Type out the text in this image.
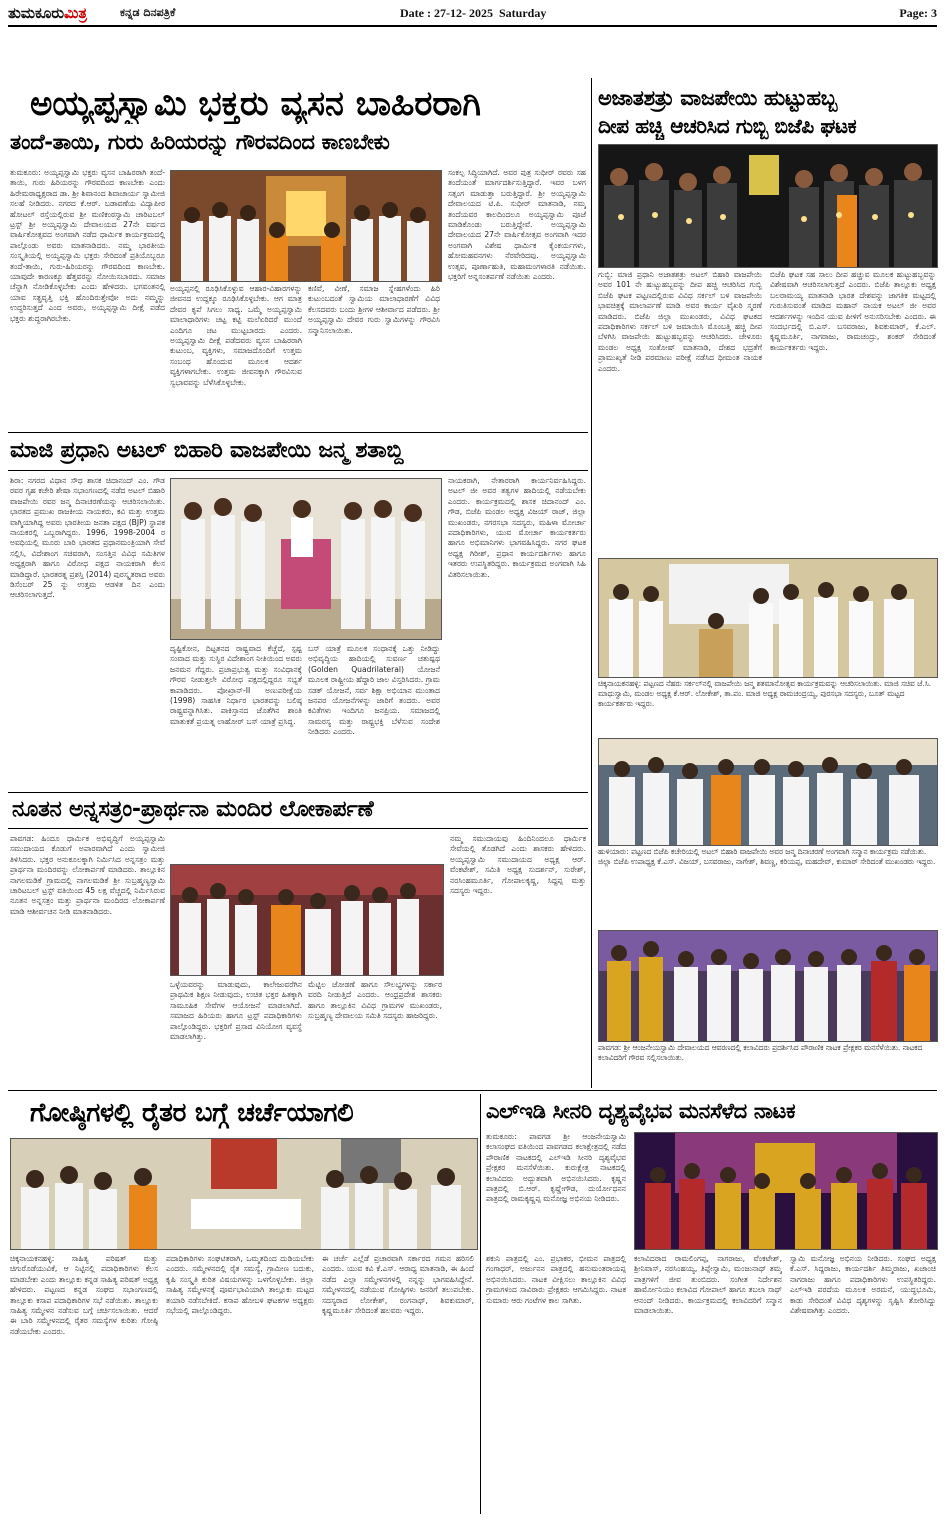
ತುಮಕೂರುಮಿತ್ರ	ಕನ್ನಡ ದಿನಪತ್ರಿಕೆ	Date : 27-12- 2025 Saturday	Page: 3
ಅಯ್ಯಪ್ಪಸ್ವಾಮಿ ಭಕ್ತರು ವ್ಯಸನ ಬಾಹಿರರಾಗಿ
ತಂದೆ-ತಾಯಿ, ಗುರು ಹಿರಿಯರನ್ನು ಗೌರವದಿಂದ ಕಾಣಬೇಕು
ತುಮಕೂರು: ಅಯ್ಯಪ್ಪಸ್ವಾಮಿ ಭಕ್ತರು ವ್ಯಸನ ಬಾಹಿರರಾಗಿ ತಂದೆ-ತಾಯಿ, ಗುರು ಹಿರಿಯರನ್ನು ಗೌರವದಿಂದ ಕಾಣಬೇಕು ಎಂದು ಹಿರೇಮಠಾಧ್ಯಕ್ಷರಾದ ಡಾ. ಶ್ರೀ ಶಿವಾನಂದ ಶಿವಾಚಾರ್ಯ ಸ್ವಾಮೀಜಿ ಸಲಹೆ ನೀಡಿದರು. ನಗರದ ಕೆ.ಆರ್. ಬಡಾವಣೆಯ ವಿದ್ಯಾಪೀಠ ಹೋಟಲ್ ರಸ್ತೆಯಲ್ಲಿರುವ ಶ್ರೀ ಮಣಿಕಂಠಸ್ವಾಮಿ ಚಾರಿಟಬಲ್ ಟ್ರಸ್ಟ್ ಶ್ರೀ ಅಯ್ಯಪ್ಪಸ್ವಾಮಿ ದೇವಾಲಯದ 27ನೇ ವರ್ಷದ ವಾರ್ಷಿಕೋತ್ಸವದ ಅಂಗವಾಗಿ ನಡೆದ ಧಾರ್ಮಿಕ ಕಾರ್ಯಕ್ರಮದಲ್ಲಿ ಪಾಲ್ಗೊಂಡು ಅವರು ಮಾತನಾಡಿದರು. ನಮ್ಮ ಭಾರತೀಯ ಸಂಸ್ಕೃತಿಯಲ್ಲಿ ಅಯ್ಯಪ್ಪಸ್ವಾಮಿ ಭಕ್ತರು ಸೇರಿದಂತೆ ಪ್ರತಿಯೊಬ್ಬರೂ ತಂದೆ-ತಾಯಿ, ಗುರು-ಹಿರಿಯರನ್ನು ಗೌರವದಿಂದ ಕಾಣಬೇಕು. ಯಾವುದೇ ಕಾರಣಕ್ಕೂ ಹೆತ್ತವರನ್ನು ನೋಯಿಸಬಾರದು. ಸಮಾಜ ಚೆನ್ನಾಗಿ ನೋಡಿಕೊಳ್ಳಬೇಕು ಎಂದು ಹೇಳಿದರು. ಭಗವಂತನಲ್ಲಿ ಯಾವ ಸತ್ಪ್ರವೃತ್ತಿ ಭಕ್ತಿ ಹೊಂದಿರುತ್ತೇವೋ ಅದು ನಮ್ಮನ್ನು ಉದ್ಧರಿಸುತ್ತದೆ ಎಂದ ಅವರು, ಅಯ್ಯಪ್ಪಸ್ವಾಮಿ ದೀಕ್ಷೆ ಪಡೆದ ಭಕ್ತರು ಶುದ್ಧರಾಗಿರಬೇಕು.
ಅಯ್ಯಪ್ಪನಲ್ಲಿ ರೂಢಿಸಿಕೊಳ್ಳುವ ಆಹಾರ-ವಿಹಾರಗಳನ್ನು ಜೀವನದ ಉದ್ದಕ್ಕೂ ರೂಢಿಸಿಕೊಳ್ಳಬೇಕು. ಆಗ ಮಾತ್ರ ದೇವರ ಕೃಪೆ ಸಿಗಲು ಸಾಧ್ಯ. ಒಮ್ಮೆ ಅಯ್ಯಪ್ಪಸ್ವಾಮಿ ಮಾಲಾಧಾರಿಗಳು ಚಟ್ಟ ಕಟ್ಟಿ ಮಲೆಏರಿದರೆ ಮುಂದೆ ಎಂದಿಗೂ ಚಟ ಮುಟ್ಟಬಾರದು ಎಂದರು. ಅಯ್ಯಪ್ಪಸ್ವಾಮಿ ದೀಕ್ಷೆ ಪಡೆದವರು ವ್ಯಸನ ಬಾಹಿರರಾಗಿ ಕುಟುಂಬ, ವ್ಯಕ್ತಿಗಳು, ಸಮಾಜದೊಂದಿಗೆ ಉತ್ತಮ ಸಂಬಂಧ ಹೊಂದುವ ಮೂಲಕ ಆದರ್ಶ ವ್ಯಕ್ತಿಗಳಾಗಬೇಕು. ಉತ್ತಮ ಜೀವನಕ್ಕಾಗಿ ಗೌರವಿಸುವ ಸ್ವಭಾವವನ್ನು ಬೆಳೆಸಿಕೊಳ್ಳಬೇಕು.
ಕಣಿವೆ, ವೀಣೆ, ಸಮಾಜ ಸ್ನೇಹಗಳೆಂದು ಹಿರಿ ಕುಟುಂಬದಂತೆ ಸ್ವಾಮಿಯ ಮಾಲಾಧಾರಣೆಗೆ ವಿವಿಧ ಕೆಲಸದವರು ಬಂದು ಶ್ರೀಗಳ ಆಶೀರ್ವಾದ ಪಡೆದರು. ಶ್ರೀ ಅಯ್ಯಪ್ಪಸ್ವಾಮಿ ದೇವರ ಗುರು ಸ್ವಾಮಿಗಳನ್ನು ಗೌರವಿಸಿ ಸನ್ಮಾನಿಸಲಾಯಿತು.
ಸಂಕಲ್ಪ ಸಿದ್ಧಿಯಾಗಿದೆ. ಅವರ ಪುತ್ರ ಸುಧೀರ್ ರವರು ಸಹ ತಂದೆಯಂತೆ ಮಾರ್ಗದರ್ಶಿಸುತ್ತಿದ್ದಾರೆ. ಇವರ ಬಳಗ ಸತ್ಸಂಗ ಮಾಡುತ್ತಾ ಬರುತ್ತಿದ್ದಾರೆ. ಶ್ರೀ ಅಯ್ಯಪ್ಪಸ್ವಾಮಿ ದೇವಾಲಯದ ಟಿ.ಪಿ. ಸುಧೀರ್ ಮಾತನಾಡಿ, ನಮ್ಮ ತಂದೆಯವರ ಕಾಲದಿಂದಲೂ ಅಯ್ಯಪ್ಪಸ್ವಾಮಿ ಪೂಜೆ ಮಾಡಿಕೊಂಡು ಬರುತ್ತಿದ್ದೇವೆ. ಅಯ್ಯಪ್ಪಸ್ವಾಮಿ ದೇವಾಲಯದ 27ನೇ ವಾರ್ಷಿಕೋತ್ಸವ ಅಂಗವಾಗಿ ಇದರ ಅಂಗವಾಗಿ ವಿಶೇಷ ಧಾರ್ಮಿಕ ಕೈಂಕರ್ಯಗಳು, ಹೋಮಹವನಗಳು ನೆರವೇರಿದವು. ಅಯ್ಯಪ್ಪಸ್ವಾಮಿ ಉತ್ಸವ, ಪೂರ್ಣಾಹುತಿ, ಮಹಾಮಂಗಳಾರತಿ ನಡೆಯಿತು. ಭಕ್ತರಿಗೆ ಅನ್ನಸಂತರ್ಪಣೆ ನಡೆಯಿತು ಎಂದರು.
ಅಜಾತಶತ್ರು ವಾಜಪೇಯಿ ಹುಟ್ಟುಹಬ್ಬ
ದೀಪ ಹಚ್ಚಿ ಆಚರಿಸಿದ ಗುಬ್ಬಿ ಬಿಜೆಪಿ ಘಟಕ
ಗುಬ್ಬಿ: ಮಾಜಿ ಪ್ರಧಾನಿ ಅಜಾತಶತ್ರು ಅಟಲ್ ಬಿಹಾರಿ ವಾಜಪೇಯಿ ಅವರ 101 ನೇ ಹುಟ್ಟುಹಬ್ಬವನ್ನು ದೀಪ ಹಚ್ಚಿ ಆಚರಿಸಿದ ಗುಬ್ಬಿ ಬಿಜೆಪಿ ಘಟಕ ಪಟ್ಟಣದಲ್ಲಿರುವ ವಿವಿಧ ಸರ್ಕಲ್ ಬಳಿ ವಾಜಪೇಯಿ ಭಾವಚಿತ್ರಕ್ಕೆ ಮಾಲಾರ್ಪಣೆ ಮಾಡಿ ಅವರ ಕಾರ್ಯ ವೈಖರಿ ಸ್ಮರಣೆ ಮಾಡಿದರು. ಬಿಜೆಪಿ ಜಿಲ್ಲಾ ಮುಖಂಡರು, ವಿವಿಧ ಘಟಕದ ಪದಾಧಿಕಾರಿಗಳು ಸರ್ಕಲ್ ಬಳಿ ಜಮಾಯಿಸಿ ಮೊಂಬತ್ತಿ ಹಚ್ಚಿ ದೀಪ ಬೆಳಗಿಸಿ ವಾಜಪೇಯಿ ಹುಟ್ಟುಹಬ್ಬವನ್ನು ಆಚರಿಸಿದರು. ಚೇಳೂರು ಮಂಡಲ ಅಧ್ಯಕ್ಷ ಸಂತೋಷ್ ಮಾತನಾಡಿ, ದೇಶದ ಭದ್ರತೆಗೆ ಪ್ರಾಮುಖ್ಯತೆ ನೀಡಿ ಪರಮಾಣು ಪರೀಕ್ಷೆ ನಡೆಸಿದ ಧೀಮಂತ ನಾಯಕ ಎಂದರು.
ಬಿಜೆಪಿ ಘಟಕ ಸಹ ಸಾಲು ದೀಪ ಹಚ್ಚುವ ಮೂಲಕ ಹುಟ್ಟುಹಬ್ಬವನ್ನು ವಿಶೇಷವಾಗಿ ಆಚರಿಸಲಾಗುತ್ತದೆ ಎಂದರು. ಬಿಜೆಪಿ ತಾಲ್ಲೂಕು ಅಧ್ಯಕ್ಷ ಬಲರಾಮಯ್ಯ ಮಾತನಾಡಿ ಭಾರತ ದೇಶವನ್ನು ಜಾಗತಿಕ ಮಟ್ಟದಲ್ಲಿ ಗುರುತಿಸುವಂತೆ ಮಾಡಿದ ಮಹಾನ್ ನಾಯಕ ಅಟಲ್ ಜೀ ಅವರ ಆದರ್ಶಗಳನ್ನು ಇಂದಿನ ಯುವ ಪೀಳಿಗೆ ಅನುಸರಿಸಬೇಕು ಎಂದರು. ಈ ಸಂದರ್ಭದಲ್ಲಿ ಬಿ.ಎಸ್. ಬಸವರಾಜು, ಶಿವಕುಮಾರ್, ಕೆ.ಎಲ್. ಕೃಷ್ಣಮೂರ್ತಿ, ನಾಗರಾಜು, ರಾಮಚಂದ್ರು, ಶಂಕರ್ ಸೇರಿದಂತೆ ಕಾರ್ಯಕರ್ತರು ಇದ್ದರು.
ಮಾಜಿ ಪ್ರಧಾನಿ ಅಟಲ್ ಬಿಹಾರಿ ವಾಜಪೇಯಿ ಜನ್ಮ ಶತಾಬ್ದಿ
ಶಿರಾ: ನಗರದ ವಿಧಾನ ಸೌಧ ಶಾಸಕ ಚಿದಾನಂದ್ ಎಂ. ಗೌಡ ರವರ ಗೃಹ ಕಚೇರಿ ಶೇಷಾ ಸಭಾಂಗಣದಲ್ಲಿ ನಡೆದ ಅಟಲ್ ಬಿಹಾರಿ ವಾಜಪೇಯಿ ರವರ ಜನ್ಮ ದಿನಾಚರಣೆಯನ್ನು ಆಚರಿಸಲಾಯಿತು. ಭಾರತದ ಪ್ರಮುಖ ರಾಜಕೀಯ ನಾಯಕರು, ಕವಿ ಮತ್ತು ಉತ್ತಮ ವಾಗ್ಮಿಯಾಗಿದ್ದ ಅವರು ಭಾರತೀಯ ಜನತಾ ಪಕ್ಷದ (BJP) ಸ್ಥಾಪಕ ನಾಯಕರಲ್ಲಿ ಒಬ್ಬರಾಗಿದ್ದರು. 1996, 1998-2004 ರ ಅವಧಿಯಲ್ಲಿ ಮೂರು ಬಾರಿ ಭಾರತದ ಪ್ರಧಾನಮಂತ್ರಿಯಾಗಿ ಸೇವೆ ಸಲ್ಲಿಸಿ, ವಿದೇಶಾಂಗ ಸಚಿವರಾಗಿ, ಸಂಸತ್ತಿನ ವಿವಿಧ ಸಮಿತಿಗಳ ಅಧ್ಯಕ್ಷರಾಗಿ ಹಾಗೂ ವಿರೋಧ ಪಕ್ಷದ ನಾಯಕರಾಗಿ ಕೆಲಸ ಮಾಡಿದ್ದಾರೆ. ಭಾರತರತ್ನ ಪ್ರಶಸ್ತಿ (2014) ಪುರಸ್ಕೃತರಾದ ಅವರು ಡಿಸೆಂಬರ್ 25 ನ್ನು ಉತ್ತಮ ಆಡಳಿತ ದಿನ ಎಂದು ಆಚರಿಸಲಾಗುತ್ತದೆ.
ದೃಷ್ಟಿಕೋನ, ದಿಟ್ಟತನದ ರಾಷ್ಟ್ರವಾದ ಕೆಚ್ಚೆದೆ, ಸ್ಪಷ್ಟ ಸಂವಾದ ಮತ್ತು ಸುಸ್ಥಿರ ವಿದೇಶಾಂಗ ನೀತಿಯಿಂದ ಅವರು ಜನಮನ ಗೆದ್ದರು. ಪ್ರಜಾಪ್ರಭುತ್ವ ಮತ್ತು ಸಂವಿಧಾನಕ್ಕೆ ಗೌರವ ನೀಡುತ್ತಲೇ ವಿರೋಧ ಪಕ್ಷದಲ್ಲಿದ್ದರೂ ಸಭ್ಯತೆ ಕಾಪಾಡಿದರು. ಪೋಖ್ರಾನ್-II ಅಣುಪರೀಕ್ಷೆಯ (1998) ಸಾಹಸಿಕ ನಿರ್ಧಾರ ಭಾರತವನ್ನು ಬಲಿಷ್ಠ ರಾಷ್ಟ್ರವನ್ನಾಗಿಸಿತು. ಪಾಕಿಸ್ತಾನದ ಜೊತೆಗಿನ ಶಾಂತಿ ಮಾತುಕತೆ ಪ್ರಯತ್ನ ಲಾಹೋರ್ ಬಸ್ ಯಾತ್ರೆ ಪ್ರಸಿದ್ಧ.
ಬಸ್ ಯಾತ್ರೆ ಮೂಲಕ ಸಂಧಾನಕ್ಕೆ ಒತ್ತು ನೀಡಿದ್ದು ಅಭಿವೃದ್ಧಿಯ ಹಾದಿಯಲ್ಲಿ ಸುವರ್ಣ ಚತುಷ್ಪಥ (Golden Quadrilateral) ಯೋಜನೆ ಮೂಲಕ ರಾಷ್ಟ್ರೀಯ ಹೆದ್ದಾರಿ ಜಾಲ ವಿಸ್ತರಿಸಿದರು. ಗ್ರಾಮ ಸಡಕ್ ಯೋಜನೆ, ಸರ್ವ ಶಿಕ್ಷಾ ಅಭಿಯಾನ ಮುಂತಾದ ಜನಪರ ಯೋಜನೆಗಳನ್ನು ಜಾರಿಗೆ ತಂದರು. ಅವರ ಕವಿತೆಗಳು ಇಂದಿಗೂ ಜನಪ್ರಿಯ. ಸಮಾಜದಲ್ಲಿ ಸಾಮರಸ್ಯ ಮತ್ತು ರಾಷ್ಟ್ರಭಕ್ತಿ ಬೆಳೆಸುವ ಸಂದೇಶ ನೀಡಿದರು ಎಂದರು.
ನಾಯಕರಾಗಿ, ನೇತಾರರಾಗಿ ಕಾರ್ಯನಿರ್ವಹಿಸಿದ್ದರು. ಅಟಲ್ ಜೀ ಅವರ ತತ್ವಗಳ ಹಾದಿಯಲ್ಲಿ ನಡೆಯಬೇಕು ಎಂದರು. ಕಾರ್ಯಕ್ರಮದಲ್ಲಿ ಶಾಸಕ ಚಿದಾನಂದ್ ಎಂ. ಗೌಡ, ಬಿಜೆಪಿ ಮಂಡಲ ಅಧ್ಯಕ್ಷ ವಿಜಯ್ ರಾಜ್, ಜಿಲ್ಲಾ ಮುಖಂಡರು, ನಗರಸಭಾ ಸದಸ್ಯರು, ಮಹಿಳಾ ಮೋರ್ಚಾ ಪದಾಧಿಕಾರಿಗಳು, ಯುವ ಮೋರ್ಚಾ ಕಾರ್ಯಕರ್ತರು ಹಾಗೂ ಅಭಿಮಾನಿಗಳು ಭಾಗವಹಿಸಿದ್ದರು. ನಗರ ಘಟಕ ಅಧ್ಯಕ್ಷ ಗಿರೀಶ್, ಪ್ರಧಾನ ಕಾರ್ಯದರ್ಶಿಗಳು ಹಾಗೂ ಇತರರು ಉಪಸ್ಥಿತರಿದ್ದರು. ಕಾರ್ಯಕ್ರಮದ ಅಂಗವಾಗಿ ಸಿಹಿ ವಿತರಿಸಲಾಯಿತು.
ಚಿಕ್ಕನಾಯಕನಹಳ್ಳಿ: ಪಟ್ಟಣದ ನೆಹರು ಸರ್ಕಲ್‌ನಲ್ಲಿ ವಾಜಪೇಯಿ ಜನ್ಮ ಶತಮಾನೋತ್ಸವ ಕಾರ್ಯಕ್ರಮವನ್ನು ಆಚರಿಸಲಾಯಿತು. ಮಾಜಿ ಸಚಿವ ಜೆ.ಸಿ. ಮಾಧುಸ್ವಾಮಿ, ಮಂಡಲ ಅಧ್ಯಕ್ಷ ಕೆ.ಆರ್. ಲೋಕೇಶ್, ತಾ.ಪಂ. ಮಾಜಿ ಅಧ್ಯಕ್ಷ ರಾಮಚಂದ್ರಯ್ಯ, ಪುರಸಭಾ ಸದಸ್ಯರು, ಬೂತ್ ಮಟ್ಟದ ಕಾರ್ಯಕರ್ತರು ಇದ್ದರು.
ಹುಳಿಯಾರು: ಪಟ್ಟಣದ ಬಿಜೆಪಿ ಕಚೇರಿಯಲ್ಲಿ ಅಟಲ್ ಬಿಹಾರಿ ವಾಜಪೇಯಿ ಅವರ ಜನ್ಮ ದಿನಾಚರಣೆ ಅಂಗವಾಗಿ ಸನ್ಮಾನ ಕಾರ್ಯಕ್ರಮ ನಡೆಯಿತು. ಜಿಲ್ಲಾ ಬಿಜೆಪಿ ಉಪಾಧ್ಯಕ್ಷ ಕೆ.ಎಸ್. ವಿಜಯ್, ಬಸವರಾಜು, ನಾಗೇಶ್, ಶಿವಣ್ಣ, ಕರಿಯಪ್ಪ, ಮಹದೇವ್, ಕುಮಾರ್ ಸೇರಿದಂತೆ ಮುಖಂಡರು ಇದ್ದರು.
ಪಾವಗಡ: ಶ್ರೀ ಆಂಜನೇಯಸ್ವಾಮಿ ದೇವಾಲಯದ ಆವರಣದಲ್ಲಿ ಕಲಾವಿದರು ಪ್ರದರ್ಶಿಸಿದ ಪೌರಾಣಿಕ ನಾಟಕ ಪ್ರೇಕ್ಷಕರ ಮನಸೆಳೆಯಿತು. ನಾಟಕದ ಕಲಾವಿದರಿಗೆ ಗೌರವ ಸಲ್ಲಿಸಲಾಯಿತು.
ನೂತನ ಅನ್ನಸತ್ರಂ-ಪ್ರಾರ್ಥನಾ ಮಂದಿರ ಲೋಕಾರ್ಪಣೆ
ಪಾವಗಡ: ಹಿಂದೂ ಧಾರ್ಮಿಕ ಅಭಿವೃದ್ಧಿಗೆ ಅಯ್ಯಪ್ಪಸ್ವಾಮಿ ಸಮುದಾಯದ ಕೊಡುಗೆ ಅಪಾರವಾಗಿದೆ ಎಂದು ಸ್ವಾಮೀಜಿ ತಿಳಿಸಿದರು. ಭಕ್ತರ ಅನುಕೂಲಕ್ಕಾಗಿ ನಿರ್ಮಿಸಿದ ಅನ್ನಸತ್ರಂ ಮತ್ತು ಪ್ರಾರ್ಥನಾ ಮಂದಿರವನ್ನು ಲೋಕಾರ್ಪಣೆ ಮಾಡಿದರು. ತಾಲ್ಲೂಕಿನ ನಾಗಲಮಡಿಕೆ ಗ್ರಾಮದಲ್ಲಿ ನಾಗಲಮಡಿಕೆ ಶ್ರೀ ಸುಬ್ರಹ್ಮಣ್ಯಸ್ವಾಮಿ ಚಾರಿಟಬಲ್ ಟ್ರಸ್ಟ್ ವತಿಯಿಂದ 45 ಲಕ್ಷ ವೆಚ್ಚದಲ್ಲಿ ನಿರ್ಮಿಸಿರುವ ನೂತನ ಅನ್ನಸತ್ರಂ ಮತ್ತು ಪ್ರಾರ್ಥನಾ ಮಂದಿರದ ಲೋಕಾರ್ಪಣೆ ಮಾಡಿ ಆಶೀರ್ವಚನ ನೀಡಿ ಮಾತನಾಡಿದರು.
ಒಳ್ಳೆಯವರನ್ನು ಮಾಡುವುದು, ಕಾಲೇಜುವರೆಗಿನ ಪ್ರಾಥಮಿಕ ಶಿಕ್ಷಣ ನೀಡುವುದು, ಉಚಿತ ಭಕ್ತರ ಹಿತಕ್ಕಾಗಿ ಸಾಮೂಹಿಕ ಸೇವೆಗಳ ಆಯೋಜನೆ ಮಾಡಲಾಗಿದೆ. ಸಮಾಜದ ಹಿರಿಯರು ಹಾಗೂ ಟ್ರಸ್ಟ್ ಪದಾಧಿಕಾರಿಗಳು ಪಾಲ್ಗೊಂಡಿದ್ದರು. ಭಕ್ತರಿಗೆ ಪ್ರಸಾದ ವಿನಿಯೋಗ ವ್ಯವಸ್ಥೆ ಮಾಡಲಾಗಿತ್ತು.
ಮೆಟ್ಟಿಲ ಜೋಡಣೆ ಹಾಗೂ ಸೌಲಭ್ಯಗಳನ್ನು ಸರ್ಕಾರ ವರದಿ ನೀಡುತ್ತಿದೆ ಎಂದರು. ಆಂಧ್ರಪ್ರದೇಶ ಶಾಸಕರು ಹಾಗೂ ತಾಲ್ಲೂಕಿನ ವಿವಿಧ ಗ್ರಾಮಗಳ ಮುಖಂಡರು, ಸುಬ್ರಹ್ಮಣ್ಯ ದೇವಾಲಯ ಸಮಿತಿ ಸದಸ್ಯರು ಹಾಜರಿದ್ದರು.
ನಮ್ಮ ಸಮುದಾಯವು ಹಿಂದಿನಿಂದಲೂ ಧಾರ್ಮಿಕ ಸೇವೆಯಲ್ಲಿ ತೊಡಗಿದೆ ಎಂದು ಶಾಸಕರು ಹೇಳಿದರು. ಅಯ್ಯಪ್ಪಸ್ವಾಮಿ ಸಮುದಾಯದ ಅಧ್ಯಕ್ಷ ಆರ್. ವೆಂಕಟೇಶ್, ಸಮಿತಿ ಅಧ್ಯಕ್ಷ ಸುದರ್ಶನ್, ಸುರೇಶ್, ನರಸಿಂಹಮೂರ್ತಿ, ಗೋಪಾಲಕೃಷ್ಣ, ಸಿದ್ದಪ್ಪ ಮತ್ತು ಸದಸ್ಯರು ಇದ್ದರು.
ಗೋಷ್ಠಿಗಳಲ್ಲಿ ರೈತರ ಬಗ್ಗೆ ಚರ್ಚೆಯಾಗಲಿ
ಚಿಕ್ಕನಾಯಕನಹಳ್ಳಿ: ಸಾಹಿತ್ಯ ಪರಿಷತ್ ಮತ್ತು ಚಿಗುರೊಡೆಯುವಿಕೆ, ಆ ನಿಟ್ಟಿನಲ್ಲಿ ಪದಾಧಿಕಾರಿಗಳು ಕೆಲಸ ಮಾಡಬೇಕು ಎಂದು ತಾಲ್ಲೂಕು ಕನ್ನಡ ಸಾಹಿತ್ಯ ಪರಿಷತ್ ಅಧ್ಯಕ್ಷ ಹೇಳಿದರು. ಪಟ್ಟಣದ ಕನ್ನಡ ಸಂಘದ ಸಭಾಂಗಣದಲ್ಲಿ ತಾಲ್ಲೂಕು ಕಸಾಪ ಪದಾಧಿಕಾರಿಗಳ ಸಭೆ ನಡೆಯಿತು. ತಾಲ್ಲೂಕು ಸಾಹಿತ್ಯ ಸಮ್ಮೇಳನ ನಡೆಸುವ ಬಗ್ಗೆ ಚರ್ಚಿಸಲಾಯಿತು. ಆದರೆ ಈ ಬಾರಿ ಸಮ್ಮೇಳನದಲ್ಲಿ ರೈತರ ಸಮಸ್ಯೆಗಳ ಕುರಿತು ಗೋಷ್ಠಿ ನಡೆಯಬೇಕು ಎಂದರು.
ಪದಾಧಿಕಾರಿಗಳು ಸಂಘಟಿತರಾಗಿ, ಒಮ್ಮತದಿಂದ ದುಡಿಯಬೇಕು ಎಂದರು. ಸಮ್ಮೇಳನದಲ್ಲಿ ರೈತ ಸಮಸ್ಯೆ, ಗ್ರಾಮೀಣ ಬದುಕು, ಕೃಷಿ ಸಂಸ್ಕೃತಿ ಕುರಿತ ವಿಷಯಗಳನ್ನು ಒಳಗೊಳ್ಳಬೇಕು. ಜಿಲ್ಲಾ ಸಾಹಿತ್ಯ ಸಮ್ಮೇಳನಕ್ಕೆ ಪೂರ್ವಭಾವಿಯಾಗಿ ತಾಲ್ಲೂಕು ಮಟ್ಟದ ತಯಾರಿ ನಡೆಸಬೇಕಿದೆ. ಕಸಾಪ ಹೋಬಳಿ ಘಟಕಗಳ ಅಧ್ಯಕ್ಷರು ಸಭೆಯಲ್ಲಿ ಪಾಲ್ಗೊಂಡಿದ್ದರು.
ಈ ಚರ್ಚೆ ಎಲ್ಲೆಡೆ ಪ್ರಚಾರವಾಗಿ ಸರ್ಕಾರದ ಗಮನ ಹರಿಸಲಿ ಎಂದರು. ಯುವ ಕವಿ ಕೆ.ಎಸ್. ಆರಾಧ್ಯ ಮಾತನಾಡಿ, ಈ ಹಿಂದೆ ನಡೆದ ಎಲ್ಲಾ ಸಮ್ಮೇಳನಗಳಲ್ಲಿ ನನ್ನನ್ನು ಭಾಗವಹಿಸಿದ್ದೇನೆ. ಸಮ್ಮೇಳನದಲ್ಲಿ ನಡೆಯುವ ಗೋಷ್ಠಿಗಳು ಜನರಿಗೆ ತಲುಪಬೇಕು. ಸದಸ್ಯರಾದ ಲೋಕೇಶ್, ರಂಗನಾಥ್, ಶಿವಕುಮಾರ್, ಕೃಷ್ಣಮೂರ್ತಿ ಸೇರಿದಂತೆ ಹಲವರು ಇದ್ದರು.
ಎಲ್‌ಇಡಿ ಸೀನರಿ ದೃಶ್ಯವೈಭವ ಮನಸೆಳೆದ ನಾಟಕ
ತುಮಕೂರು: ಪಾವಗಡ ಶ್ರೀ ಆಂಜನೇಯಸ್ವಾಮಿ ಕಲಾಸಂಘದ ವತಿಯಿಂದ ಪಾವಗಡದ ಕಲಾಕ್ಷೇತ್ರದಲ್ಲಿ ನಡೆದ ಪೌರಾಣಿಕ ನಾಟಕದಲ್ಲಿ ಎಲ್‌ಇಡಿ ಸೀನರಿ ದೃಶ್ಯವೈಭವ ಪ್ರೇಕ್ಷಕರ ಮನಸೆಳೆಯಿತು. ಕುರುಕ್ಷೇತ್ರ ನಾಟಕದಲ್ಲಿ ಕಲಾವಿದರು ಅದ್ಭುತವಾಗಿ ಅಭಿನಯಿಸಿದರು. ಕೃಷ್ಣನ ಪಾತ್ರದಲ್ಲಿ ಬಿ.ಆರ್. ಕೃಷ್ಣೇಗೌಡ, ದುರ್ಯೋಧನನ ಪಾತ್ರದಲ್ಲಿ ರಾಮಕೃಷ್ಣಪ್ಪ ಮನೋಜ್ಞ ಅಭಿನಯ ನೀಡಿದರು.
ಶಕುನಿ ಪಾತ್ರದಲ್ಲಿ ಎಂ. ಪ್ರಭಾಕರ, ಭೀಮನ ಪಾತ್ರದಲ್ಲಿ ಗಂಗಾಧರ್, ಅರ್ಜುನನ ಪಾತ್ರದಲ್ಲಿ ಹನುಮಂತರಾಯಪ್ಪ ಅಭಿನಯಿಸಿದರು. ನಾಟಕ ವೀಕ್ಷಿಸಲು ತಾಲ್ಲೂಕಿನ ವಿವಿಧ ಗ್ರಾಮಗಳಿಂದ ಸಾವಿರಾರು ಪ್ರೇಕ್ಷಕರು ಆಗಮಿಸಿದ್ದರು. ನಾಟಕ ಸುಮಾರು ಆರು ಗಂಟೆಗಳ ಕಾಲ ಸಾಗಿತು.
ಕಲಾವಿದರಾದ ರಾಮಲಿಂಗಪ್ಪ, ನಾಗರಾಜು, ವೆಂಕಟೇಶ್, ಶ್ರೀನಿವಾಸ್, ನರಸಿಂಹಯ್ಯ, ತಿಪ್ಪೇಸ್ವಾಮಿ, ಮಂಜುನಾಥ್ ತಮ್ಮ ಪಾತ್ರಗಳಿಗೆ ಜೀವ ತುಂಬಿದರು. ಸಂಗೀತ ನಿರ್ದೇಶನ ಹಾರ್ಮೋನಿಯಂ ಕಲಾವಿದ ಗೋಪಾಲ್ ಹಾಗೂ ತಬಲಾ ಸಾಥ್ ಆನಂದ್ ನೀಡಿದರು. ಕಾರ್ಯಕ್ರಮದಲ್ಲಿ ಕಲಾವಿದರಿಗೆ ಸನ್ಮಾನ ಮಾಡಲಾಯಿತು.
ಸ್ವಾಮಿ ಮನೋಜ್ಞ ಅಭಿನಯ ನೀಡಿದರು. ಸಂಘದ ಅಧ್ಯಕ್ಷ ಕೆ.ಎಸ್. ಸಿದ್ದರಾಜು, ಕಾರ್ಯದರ್ಶಿ ತಿಮ್ಮರಾಜು, ಖಜಾಂಚಿ ನಾಗರಾಜು ಹಾಗೂ ಪದಾಧಿಕಾರಿಗಳು ಉಪಸ್ಥಿತರಿದ್ದರು. ಎಲ್‌ಇಡಿ ಪರದೆಯ ಮೂಲಕ ಅರಮನೆ, ಯುದ್ಧಭೂಮಿ, ಕಾಡು ಸೇರಿದಂತೆ ವಿವಿಧ ದೃಶ್ಯಗಳನ್ನು ಸೃಷ್ಟಿಸಿ ತೋರಿಸಿದ್ದು ವಿಶೇಷವಾಗಿತ್ತು ಎಂದರು.
